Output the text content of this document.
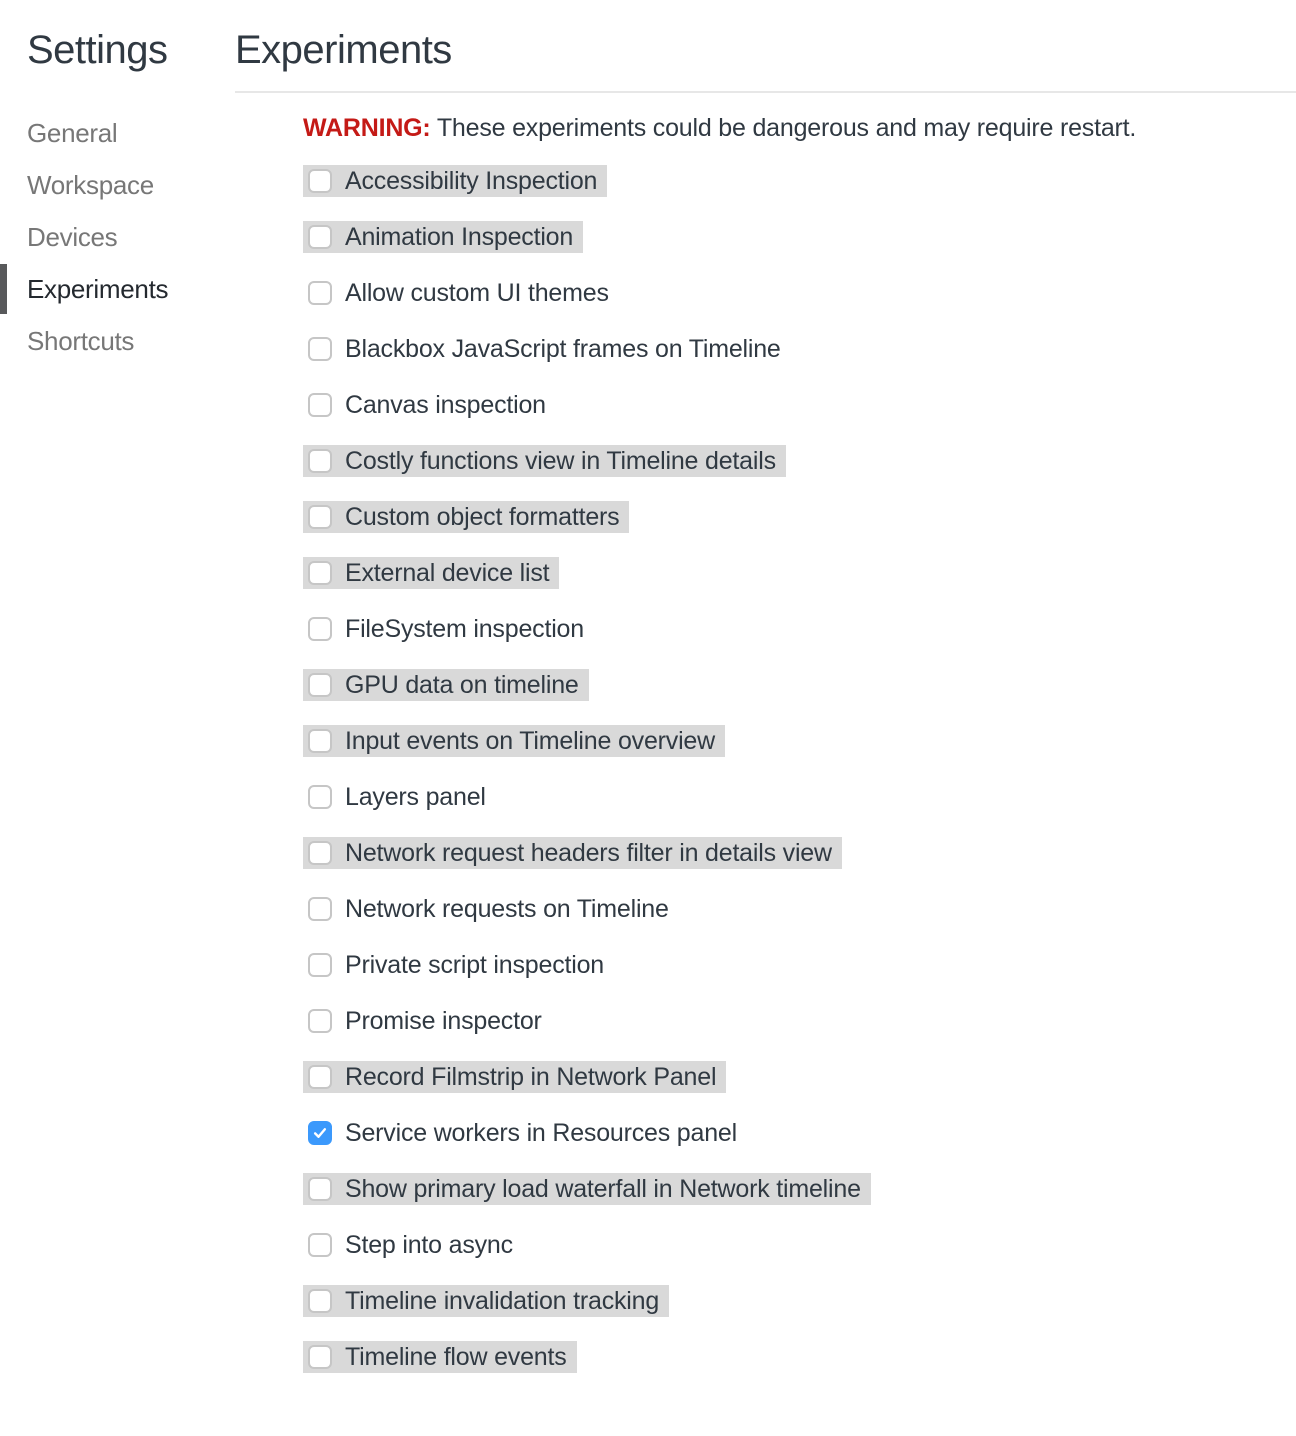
Settings
General
Workspace
Devices
Experiments
Shortcuts
Experiments
WARNING: These experiments could be dangerous and may require restart.
Accessibility Inspection
Animation Inspection
Allow custom UI themes
Blackbox JavaScript frames on Timeline
Canvas inspection
Costly functions view in Timeline details
Custom object formatters
External device list
FileSystem inspection
GPU data on timeline
Input events on Timeline overview
Layers panel
Network request headers filter in details view
Network requests on Timeline
Private script inspection
Promise inspector
Record Filmstrip in Network Panel
Service workers in Resources panel
Show primary load waterfall in Network timeline
Step into async
Timeline invalidation tracking
Timeline flow events
